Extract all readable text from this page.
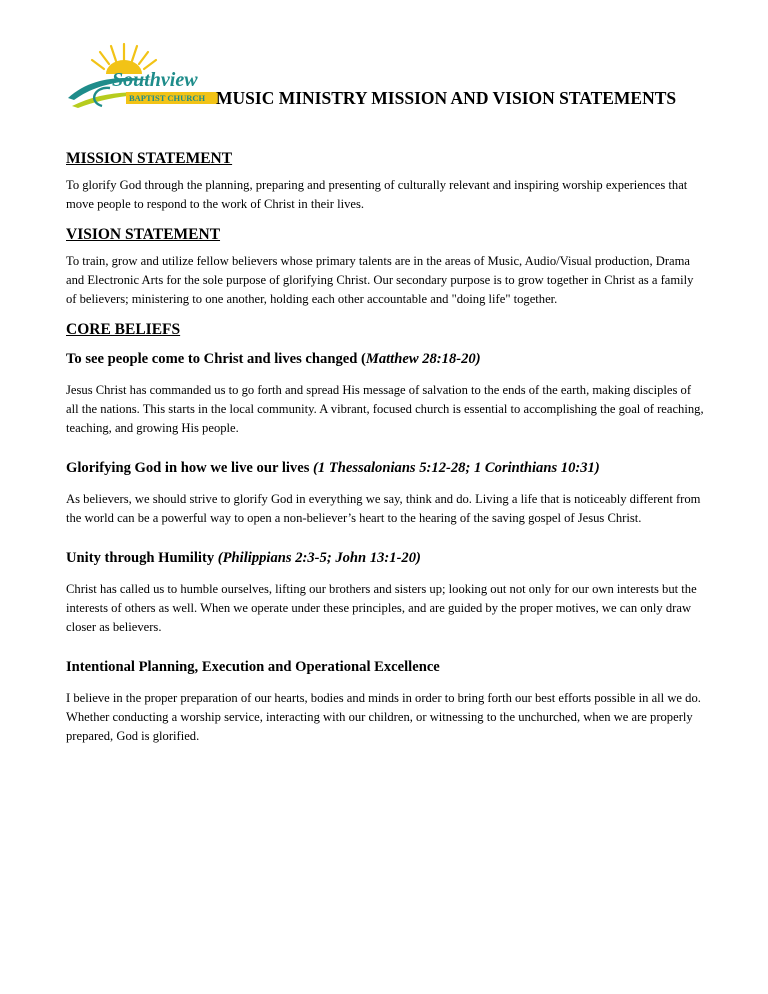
Southview
BAPTIST CHURCH MUSIC MINISTRY MISSION AND VISION STATEMENTS
MISSION STATEMENT

To glorify God through the planning, preparing and presenting of culturally relevant and inspiring worship experiences that move people to respond to the work of Christ in their lives.

VISION STATEMENT

To train, grow and utilize fellow believers whose primary talents are in the areas of Music, Audio/Visual production, Drama and Electronic Arts for the sole purpose of glorifying Christ. Our secondary purpose is to grow together in Christ as a family of believers; ministering to one another, holding each other accountable and "doing life" together.

CORE BELIEFS
To see people come to Christ and lives changed (Matthew 28:18-20)

Jesus Christ has commanded us to go forth and spread His message of salvation to the ends of the earth, making disciples of all the nations. This starts in the local community. A vibrant, focused church is essential to accomplishing the goal of reaching, teaching, and growing His people.

Glorifying God in how we live our lives (1 Thessalonians 5:12-28; 1 Corinthians 10:31)

As believers, we should strive to glorify God in everything we say, think and do. Living a life that is noticeably different from the world can be a powerful way to open a non-believer’s heart to the hearing of the saving gospel of Jesus Christ.

Unity through Humility (Philippians 2:3-5; John 13:1-20)

Christ has called us to humble ourselves, lifting our brothers and sisters up; looking out not only for our own interests but the interests of others as well. When we operate under these principles, and are guided by the proper motives, we can only draw closer as believers.

Intentional Planning, Execution and Operational Excellence

I believe in the proper preparation of our hearts, bodies and minds in order to bring forth our best efforts possible in all we do. Whether conducting a worship service, interacting with our children, or witnessing to the unchurched, when we are properly prepared, God is glorified.
